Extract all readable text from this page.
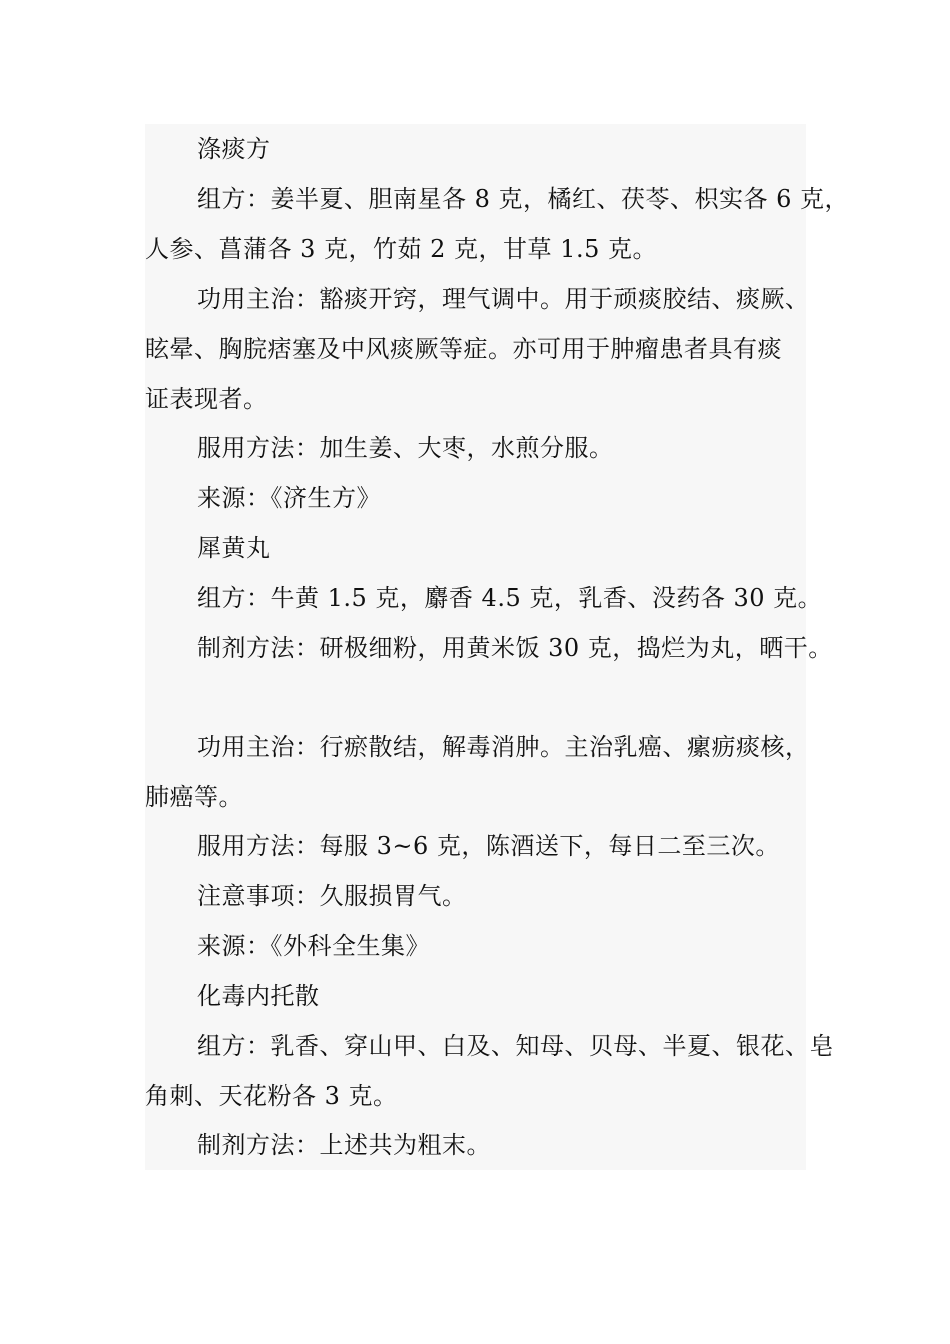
涤痰方
组方：姜半夏、胆南星各 8 克，橘红、茯苓、枳实各 6 克，
人参、菖蒲各 3 克，竹茹 2 克，甘草 1.5 克。
功用主治：豁痰开窍，理气调中。用于顽痰胶结、痰厥、
眩晕、胸脘痞塞及中风痰厥等症。亦可用于肿瘤患者具有痰
证表现者。
服用方法：加生姜、大枣，水煎分服。
来源：《济生方》
犀黄丸
组方：牛黄 1.5 克，麝香 4.5 克，乳香、没药各 30 克。
制剂方法：研极细粉，用黄米饭 30 克，捣烂为丸，晒干。
功用主治：行瘀散结，解毒消肿。主治乳癌、瘰疬痰核，
肺癌等。
服用方法：每服 3~6 克，陈酒送下，每日二至三次。
注意事项：久服损胃气。
来源：《外科全生集》
化毒内托散
组方：乳香、穿山甲、白及、知母、贝母、半夏、银花、皂
角刺、天花粉各 3 克。
制剂方法：上述共为粗末。
